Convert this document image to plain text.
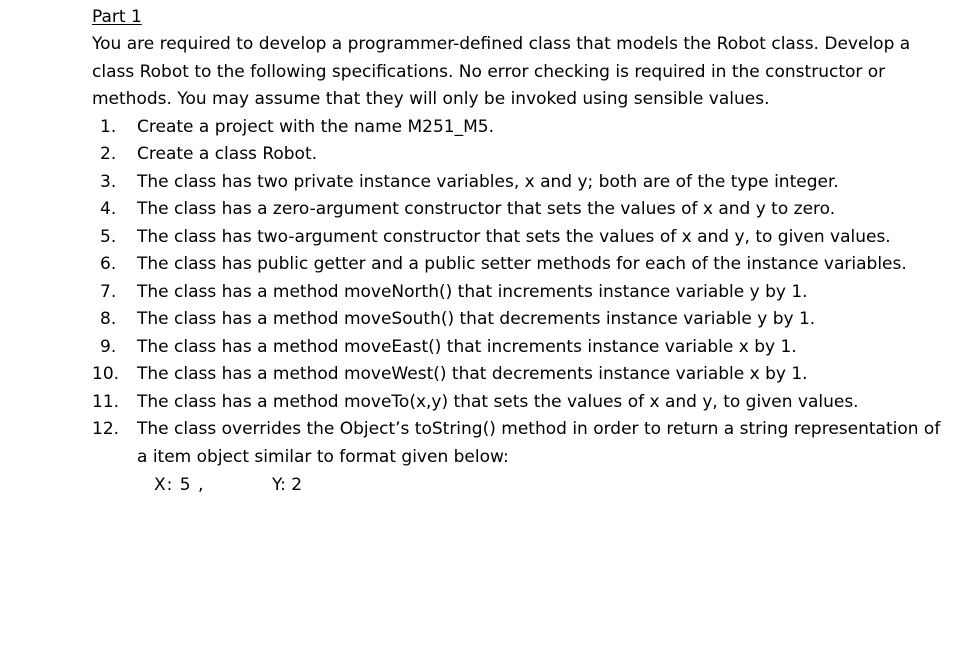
Part 1

You are required to develop a programmer-defined class that models the Robot class. Develop a class Robot to the following specifications. No error checking is required in the constructor or methods. You may assume that they will only be invoked using sensible values.

1.	Create a project with the name M251_M5.
2.	Create a class Robot.
3.	The class has two private instance variables, x and y; both are of the type integer.
4.	The class has a zero-argument constructor that sets the values of x and y to zero.
5.	The class has two-argument constructor that sets the values of x and y, to given values.
6.	The class has public getter and a public setter methods for each of the instance variables.
7.	The class has a method moveNorth() that increments instance variable y by 1.
8.	The class has a method moveSouth() that decrements instance variable y by 1.
9.	The class has a method moveEast() that increments instance variable x by 1.
10. The class has a method moveWest() that decrements instance variable x by 1.
11. The class has a method moveTo(x,y) that sets the values of x and y, to given values.
12. The class overrides the Object’s toString() method in order to return a string representation of a item object similar to format given below:
X: 5 ,	Y: 2
